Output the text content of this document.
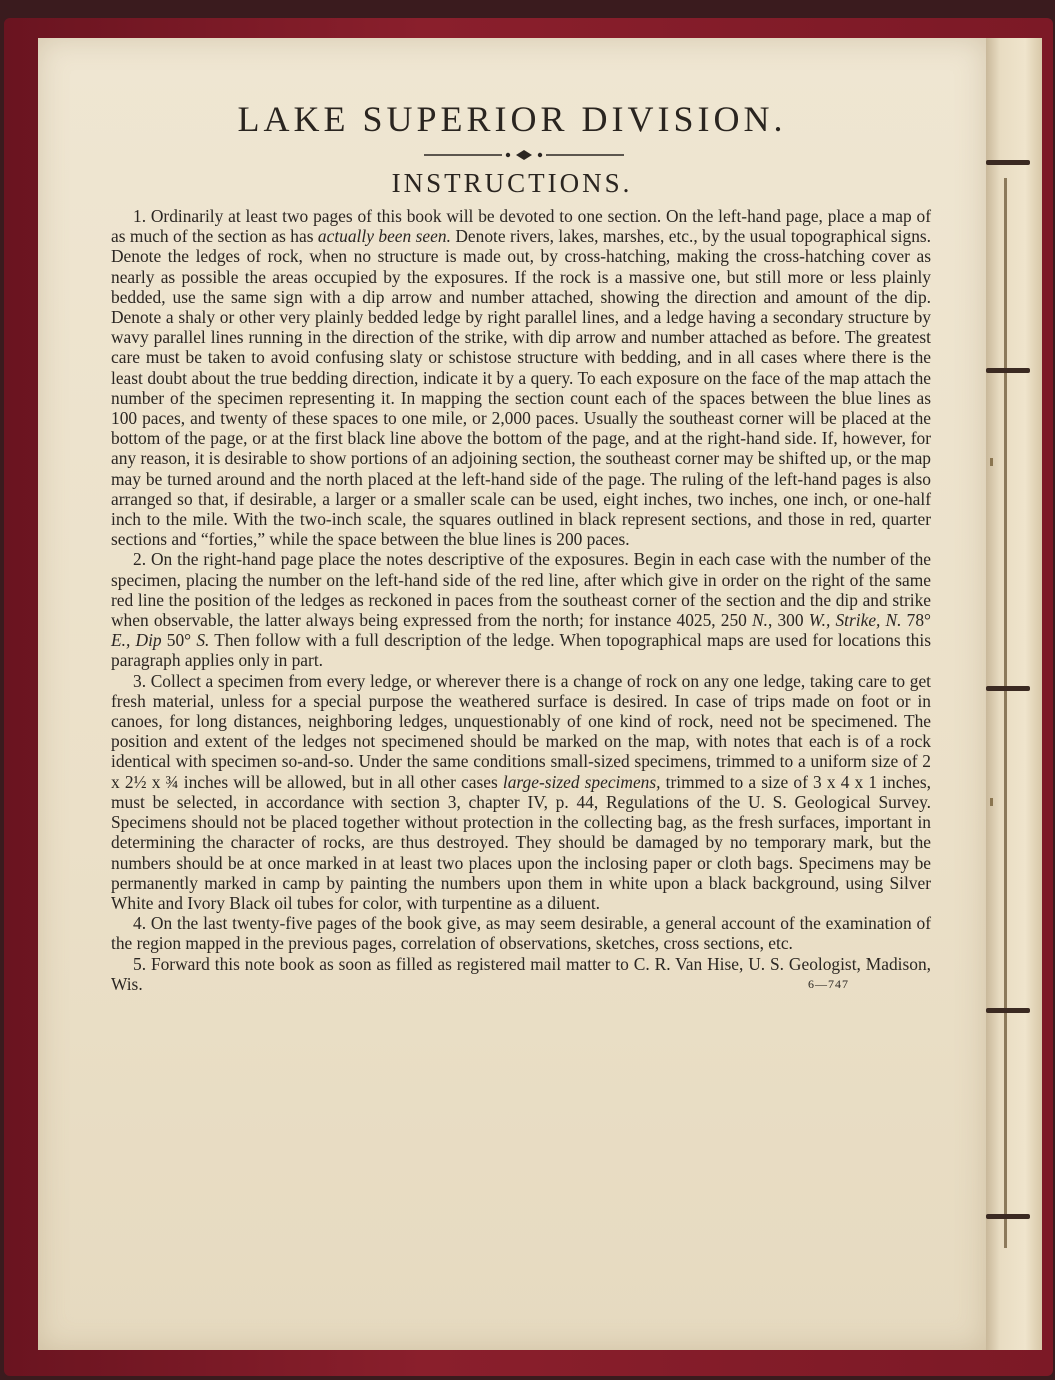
LAKE SUPERIOR DIVISION.
INSTRUCTIONS.

1. Ordinarily at least two pages of this book will be devoted to one section. On the left-hand page, place a map of as much of the section as has actually been seen. Denote rivers, lakes, marshes, etc., by the usual topographical signs. Denote the ledges of rock, when no structure is made out, by cross-hatching, making the cross-hatching cover as nearly as possible the areas occupied by the exposures. If the rock is a massive one, but still more or less plainly bedded, use the same sign with a dip arrow and number attached, showing the direction and amount of the dip. Denote a shaly or other very plainly bedded ledge by right parallel lines, and a ledge having a secondary structure by wavy parallel lines running in the direction of the strike, with dip arrow and number attached as before. The greatest care must be taken to avoid confusing slaty or schistose structure with bedding, and in all cases where there is the least doubt about the true bedding direction, indicate it by a query. To each exposure on the face of the map attach the number of the specimen representing it. In mapping the section count each of the spaces between the blue lines as 100 paces, and twenty of these spaces to one mile, or 2,000 paces. Usually the southeast corner will be placed at the bottom of the page, or at the first black line above the bottom of the page, and at the right-hand side. If, however, for any reason, it is desirable to show portions of an adjoining section, the southeast corner may be shifted up, or the map may be turned around and the north placed at the left-hand side of the page. The ruling of the left-hand pages is also arranged so that, if desirable, a larger or a smaller scale can be used, eight inches, two inches, one inch, or one-half inch to the mile. With the two-inch scale, the squares outlined in black represent sections, and those in red, quarter sections and “forties,” while the space between the blue lines is 200 paces.

2. On the right-hand page place the notes descriptive of the exposures. Begin in each case with the number of the specimen, placing the number on the left-hand side of the red line, after which give in order on the right of the same red line the position of the ledges as reckoned in paces from the southeast corner of the section and the dip and strike when observable, the latter always being expressed from the north; for instance 4025, 250 N., 300 W., Strike, N. 78° E., Dip 50° S. Then follow with a full description of the ledge. When topographical maps are used for locations this paragraph applies only in part.

3. Collect a specimen from every ledge, or wherever there is a change of rock on any one ledge, taking care to get fresh material, unless for a special purpose the weathered surface is desired. In case of trips made on foot or in canoes, for long distances, neighboring ledges, unquestionably of one kind of rock, need not be specimened. The position and extent of the ledges not specimened should be marked on the map, with notes that each is of a rock identical with specimen so-and-so. Under the same conditions small-sized specimens, trimmed to a uniform size of 2 x 2½ x ¾ inches will be allowed, but in all other cases large-sized specimens, trimmed to a size of 3 x 4 x 1 inches, must be selected, in accordance with section 3, chapter IV, p. 44, Regulations of the U. S. Geological Survey. Specimens should not be placed together without protection in the collecting bag, as the fresh surfaces, important in determining the character of rocks, are thus destroyed. They should be damaged by no temporary mark, but the numbers should be at once marked in at least two places upon the inclosing paper or cloth bags. Specimens may be permanently marked in camp by painting the numbers upon them in white upon a black background, using Silver White and Ivory Black oil tubes for color, with turpentine as a diluent.

4. On the last twenty-five pages of the book give, as may seem desirable, a general account of the examination of the region mapped in the previous pages, correlation of observations, sketches, cross sections, etc.

5. Forward this note book as soon as filled as registered mail matter to C. R. Van Hise, U. S. Geologist, Madison, Wis.	6—747
